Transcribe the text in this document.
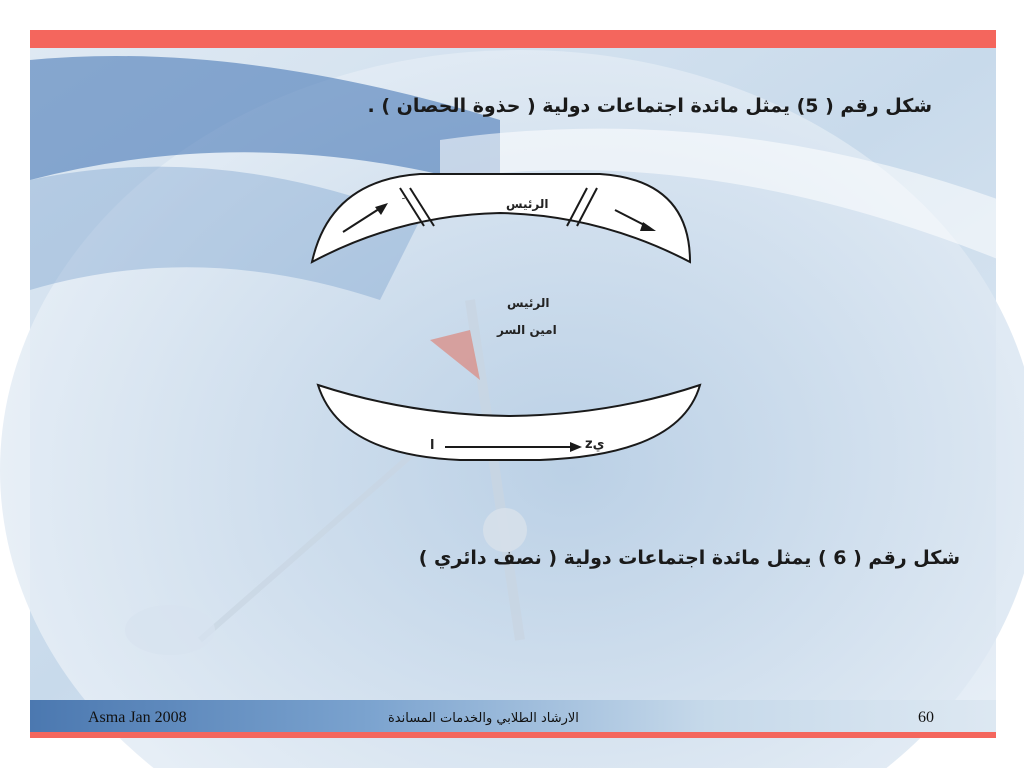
شكل رقم ( 5) يمثل مائدة اجتماعات دولية ( حذوة الحصان ) .
الرئيس
الرئيس
امين السر
ا	zي
شكل رقم ( 6 ) يمثل مائدة اجتماعات دولية ( نصف دائري )
Asma Jan 2008	الارشاد الطلابي والخدمات المساندة	60
